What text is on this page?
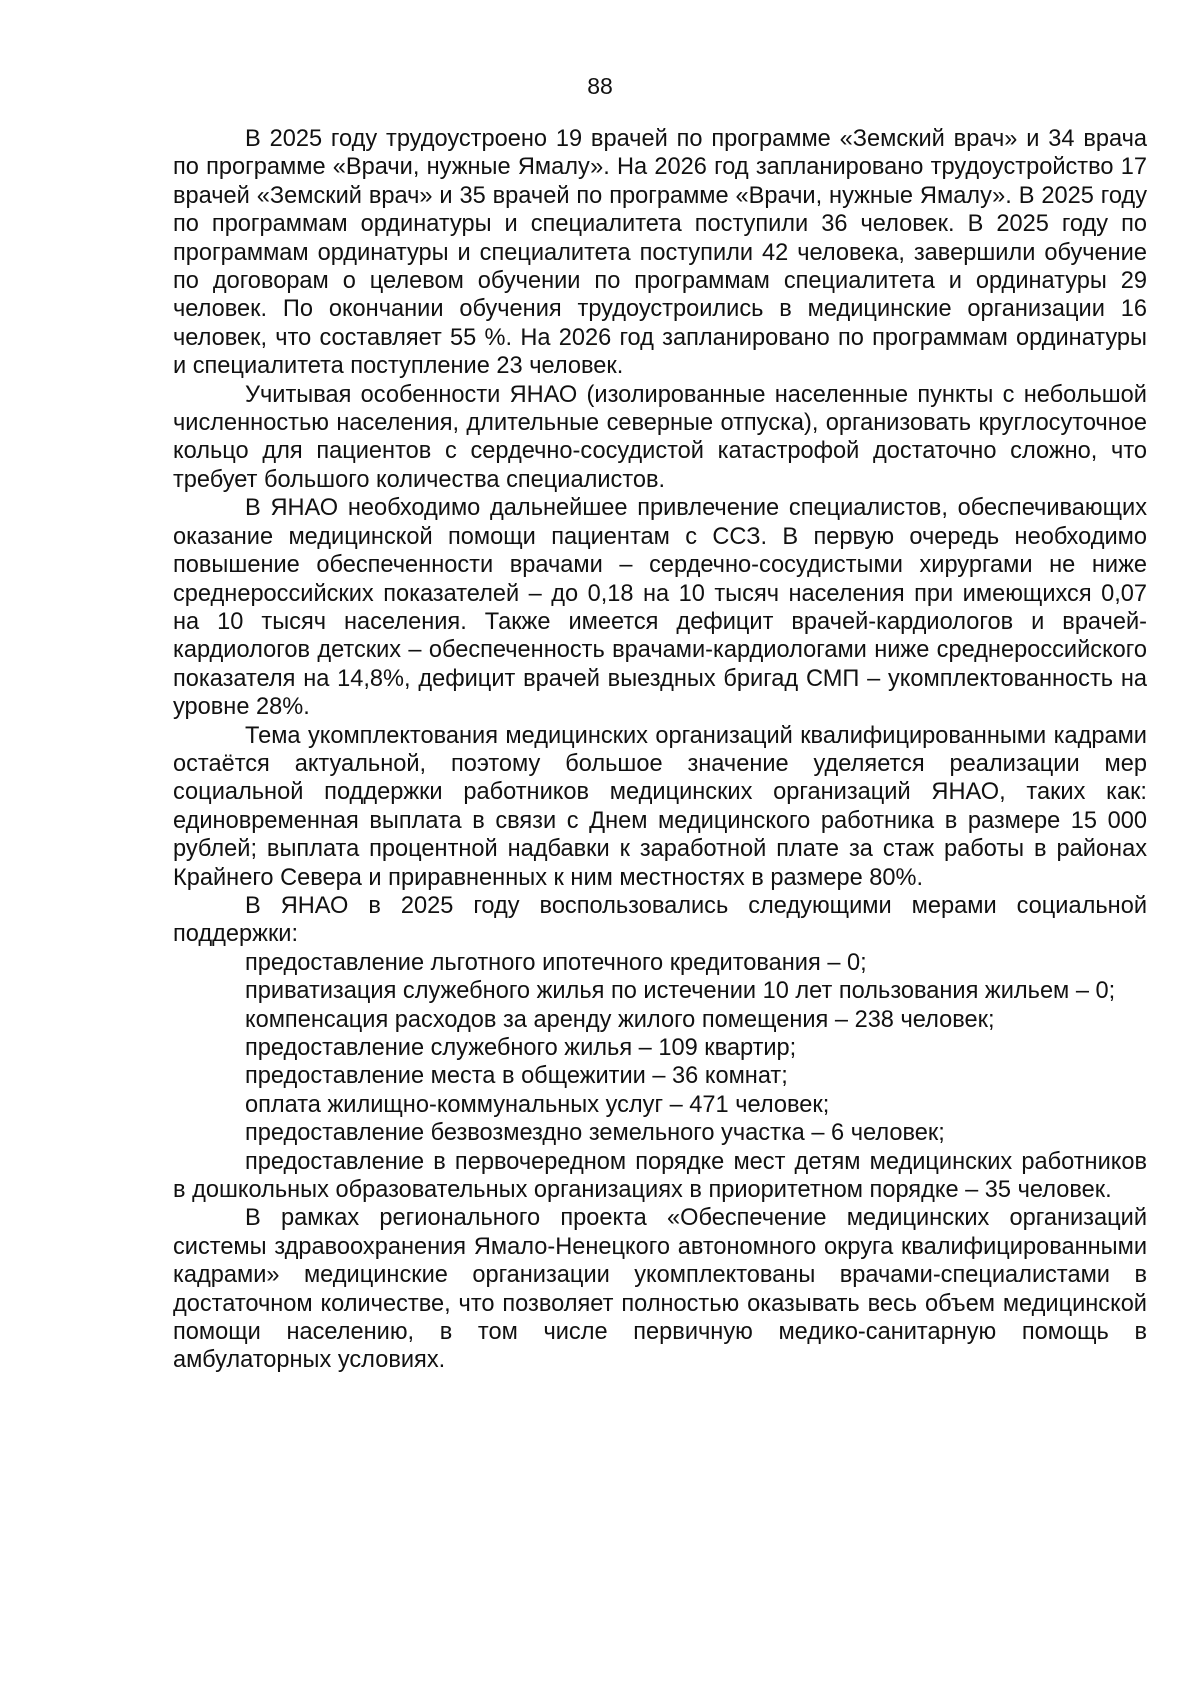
88

В 2025 году трудоустроено 19 врачей по программе «Земский врач» и 34 врача по программе «Врачи, нужные Ямалу». На 2026 год запланировано трудоустройство 17 врачей «Земский врач» и 35 врачей по программе «Врачи, нужные Ямалу». В 2025 году по программам ординатуры и специалитета поступили 36 человек. В 2025 году по программам ординатуры и специалитета поступили 42 человека, завершили обучение по договорам о целевом обучении по программам специалитета и ординатуры 29 человек. По окончании обучения трудоустроились в медицинские организации 16 человек, что составляет 55 %. На 2026 год запланировано по программам ординатуры и специалитета поступление 23 человек.

Учитывая особенности ЯНАО (изолированные населенные пункты с небольшой численностью населения, длительные северные отпуска), организовать круглосуточное кольцо для пациентов с сердечно-сосудистой катастрофой достаточно сложно, что требует большого количества специалистов.

В ЯНАО необходимо дальнейшее привлечение специалистов, обеспечивающих оказание медицинской помощи пациентам с ССЗ. В первую очередь необходимо повышение обеспеченности врачами – сердечно-сосудистыми хирургами не ниже среднероссийских показателей – до 0,18 на 10 тысяч населения при имеющихся 0,07 на 10 тысяч населения. Также имеется дефицит врачей-кардиологов и врачей-кардиологов детских – обеспеченность врачами-кардиологами ниже среднероссийского показателя на 14,8%, дефицит врачей выездных бригад СМП – укомплектованность на уровне 28%.

Тема укомплектования медицинских организаций квалифицированными кадрами остаётся актуальной, поэтому большое значение уделяется реализации мер социальной поддержки работников медицинских организаций ЯНАО, таких как: единовременная выплата в связи с Днем медицинского работника в размере 15 000 рублей; выплата процентной надбавки к заработной плате за стаж работы в районах Крайнего Севера и приравненных к ним местностях в размере 80%.

В ЯНАО в 2025 году воспользовались следующими мерами социальной поддержки:

предоставление льготного ипотечного кредитования – 0;

приватизация служебного жилья по истечении 10 лет пользования жильем – 0;

компенсация расходов за аренду жилого помещения – 238 человек;

предоставление служебного жилья – 109 квартир;

предоставление места в общежитии – 36 комнат;

оплата жилищно-коммунальных услуг – 471 человек;

предоставление безвозмездно земельного участка – 6 человек;

предоставление в первочередном порядке мест детям медицинских работников в дошкольных образовательных организациях в приоритетном порядке – 35 человек.

В рамках регионального проекта «Обеспечение медицинских организаций системы здравоохранения Ямало-Ненецкого автономного округа квалифицированными кадрами» медицинские организации укомплектованы врачами-специалистами в достаточном количестве, что позволяет полностью оказывать весь объем медицинской помощи населению, в том числе первичную медико-санитарную помощь в амбулаторных условиях.
